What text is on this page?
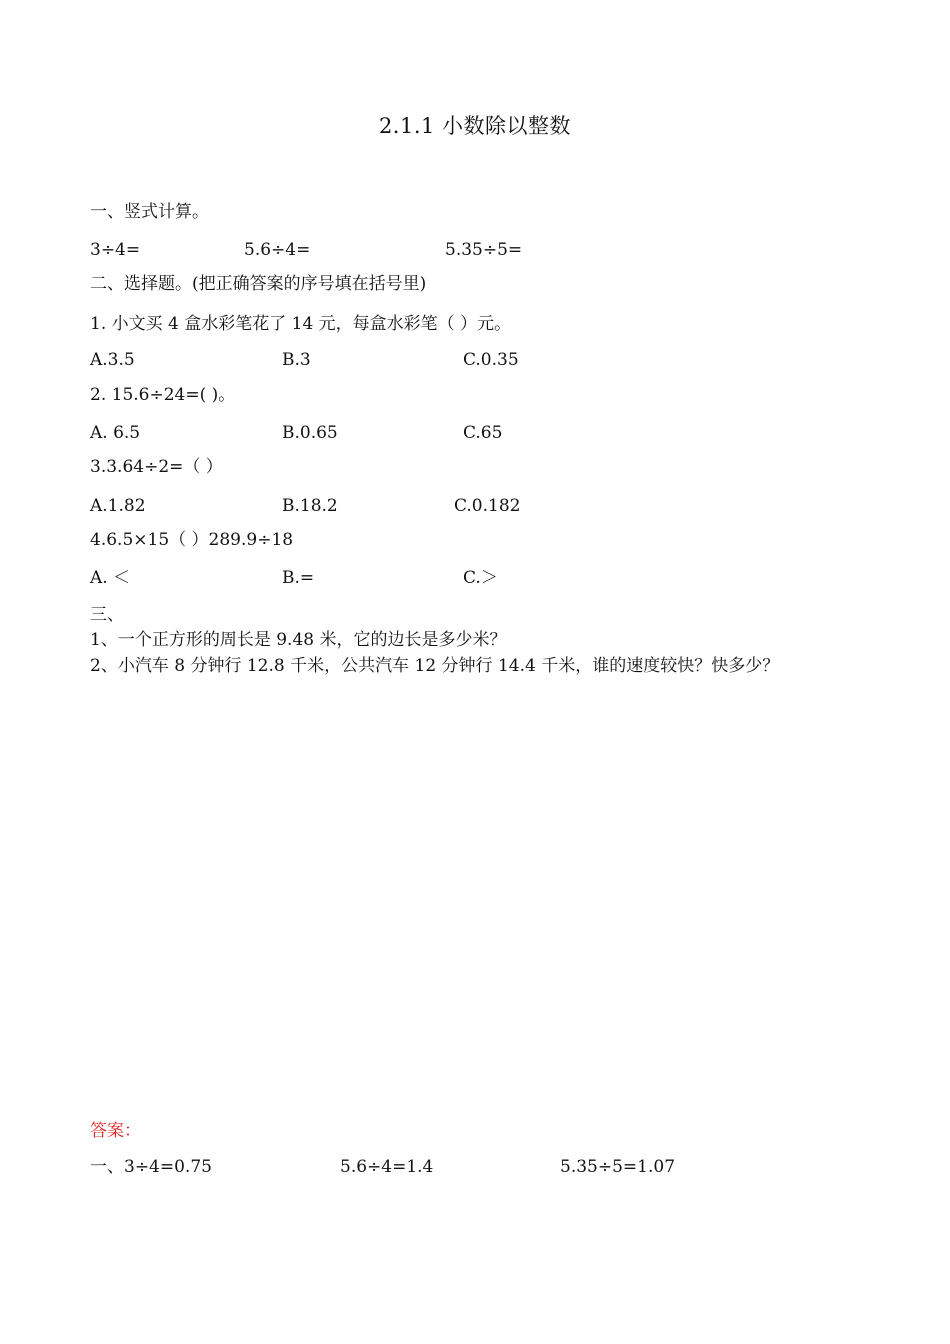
2.1.1 小数除以整数
一、竖式计算。
3÷4=	5.6÷4=	5.35÷5=
二、选择题。(把正确答案的序号填在括号里)
1. 小文买 4 盒水彩笔花了 14 元，每盒水彩笔（ ）元。
A.3.5	B.3	C.0.35
2. 15.6÷24=( )。
A. 6.5	B.0.65	C.65
3.3.64÷2=（ ）
A.1.82	B.18.2	C.0.182
4.6.5×15（ ）289.9÷18
A. ＜	B.=	C.＞
三、
1、一个正方形的周长是 9.48 米，它的边长是多少米？
2、小汽车 8 分钟行 12.8 千米，公共汽车 12 分钟行 14.4 千米，谁的速度较快？快多少？
答案：
一、3÷4=0.75	5.6÷4=1.4	5.35÷5=1.07
